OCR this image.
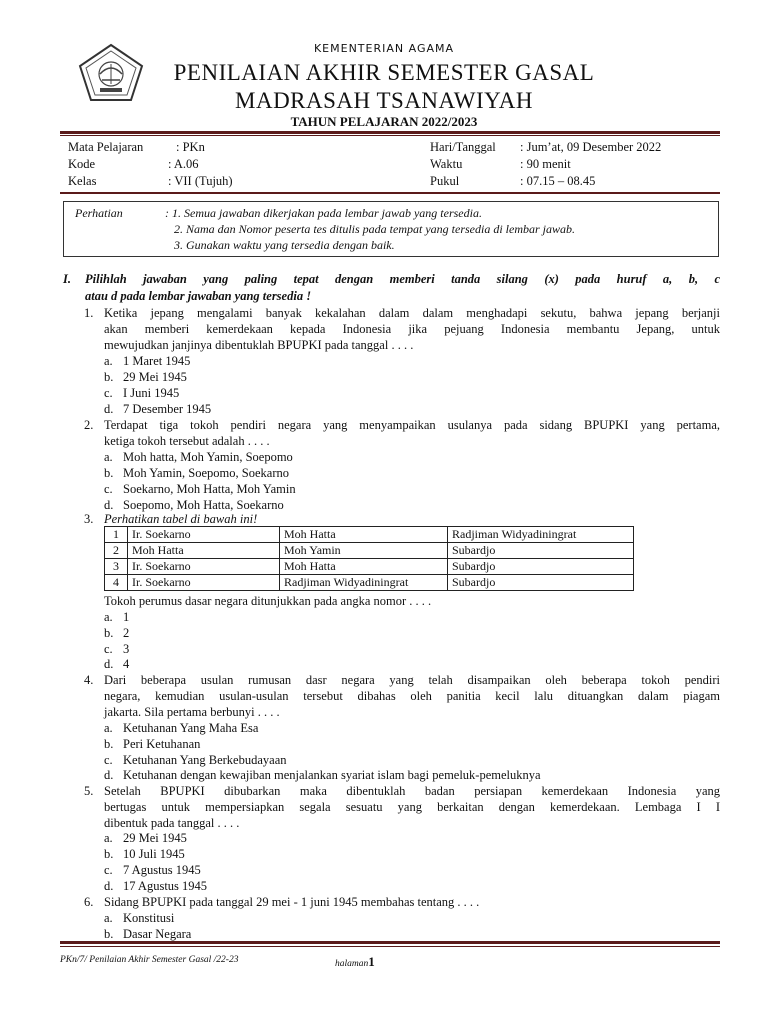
KEMENTERIAN AGAMA
PENILAIAN AKHIR SEMESTER GASAL
MADRASAH TSANAWIYAH
TAHUN PELAJARAN 2022/2023
Mata Pelajaran	: PKn
Kode	: A.06
Kelas	: VII (Tujuh)
Hari/Tanggal : Jum’at, 09 Desember 2022
Waktu	: 90 menit
Pukul	: 07.15 – 08.45
Perhatian	: 1. Semua jawaban dikerjakan pada lembar jawab yang tersedia.
2. Nama dan Nomor peserta tes ditulis pada tempat yang tersedia di lembar jawab.
3. Gunakan waktu yang tersedia dengan baik.
I. Pilihlah jawaban yang paling tepat dengan memberi tanda silang (x) pada huruf a, b, c
atau d pada lembar jawaban yang tersedia !
1. Ketika jepang mengalami banyak kekalahan dalam dalam menghadapi sekutu, bahwa jepang berjanji
akan memberi kemerdekaan kepada Indonesia jika pejuang Indonesia membantu Jepang, untuk
mewujudkan janjinya dibentuklah BPUPKI pada tanggal . . . .
a. 1 Maret 1945
b. 29 Mei 1945
c. I Juni 1945
d. 7 Desember 1945
2. Terdapat tiga tokoh pendiri negara yang menyampaikan usulanya pada sidang BPUPKI yang pertama,
ketiga tokoh tersebut adalah . . . .
a. Moh hatta, Moh Yamin, Soepomo
b. Moh Yamin, Soepomo, Soekarno
c. Soekarno, Moh Hatta, Moh Yamin
d. Soepomo, Moh Hatta, Soekarno
3. Perhatikan tabel di bawah ini!
1	Ir. Soekarno	Moh Hatta	Radjiman Widyadiningrat
2	Moh Hatta	Moh Yamin	Subardjo
3	Ir. Soekarno	Moh Hatta	Subardjo
4	Ir. Soekarno	Radjiman Widyadiningrat	Subardjo
Tokoh perumus dasar negara ditunjukkan pada angka nomor . . . .
a. 1
b. 2
c. 3
d. 4
4. Dari beberapa usulan rumusan dasr negara yang telah disampaikan oleh beberapa tokoh pendiri
negara, kemudian usulan-usulan tersebut dibahas oleh panitia kecil lalu dituangkan dalam piagam
jakarta. Sila pertama berbunyi . . . .
a. Ketuhanan Yang Maha Esa
b. Peri Ketuhanan
c. Ketuhanan Yang Berkebudayaan
d. Ketuhanan dengan kewajiban menjalankan syariat islam bagi pemeluk-pemeluknya
5. Setelah BPUPKI dibubarkan maka dibentuklah badan persiapan kemerdekaan Indonesia yang
bertugas untuk mempersiapkan segala sesuatu yang berkaitan dengan kemerdekaan. Lembaga I I
dibentuk pada tanggal . . . .
a. 29 Mei 1945
b. 10 Juli 1945
c. 7 Agustus 1945
d. 17 Agustus 1945
6. Sidang BPUPKI pada tanggal 29 mei - 1 juni 1945 membahas tentang . . . .
a. Konstitusi
b. Dasar Negara
PKn/7/ Penilaian Akhir Semester Gasal /22-23	halaman1
